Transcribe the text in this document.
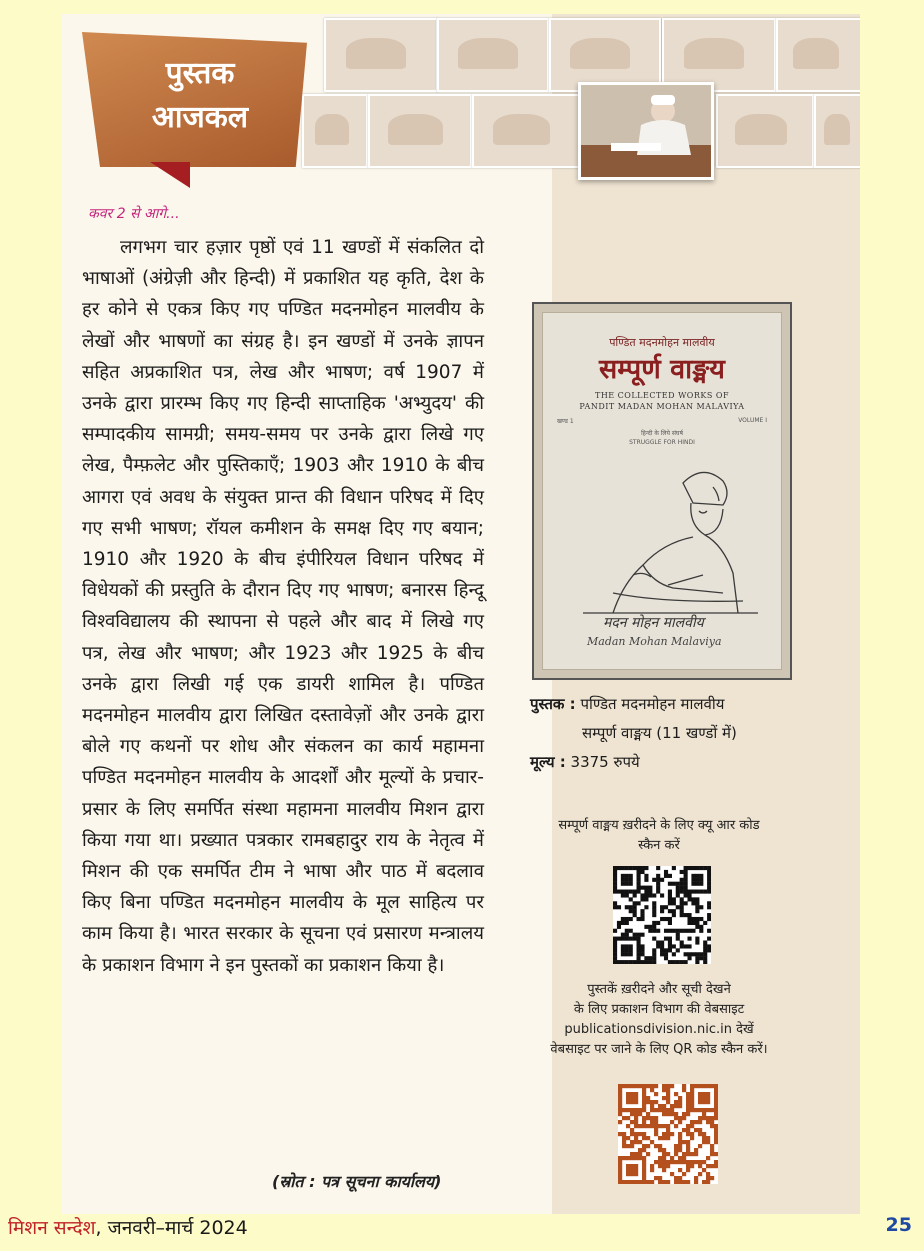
पुस्तक
आजकल

कवर 2 से आगे...

लगभग चार हज़ार पृष्ठों एवं 11 खण्डों में संकलित दो भाषाओं (अंग्रेज़ी और हिन्दी) में प्रकाशित यह कृति, देश के हर कोने से एकत्र किए गए पण्डित मदनमोहन मालवीय के लेखों और भाषणों का संग्रह है। इन खण्डों में उनके ज्ञापन सहित अप्रकाशित पत्र, लेख और भाषण; वर्ष 1907 में उनके द्वारा प्रारम्भ किए गए हिन्दी साप्ताहिक 'अभ्युदय' की सम्पादकीय सामग्री; समय-समय पर उनके द्वारा लिखे गए लेख, पैम्फ़लेट और पुस्तिकाएँ; 1903 और 1910 के बीच आगरा एवं अवध के संयुक्त प्रान्त की विधान परिषद में दिए गए सभी भाषण; रॉयल कमीशन के समक्ष दिए गए बयान; 1910 और 1920 के बीच इंपीरियल विधान परिषद में विधेयकों की प्रस्तुति के दौरान दिए गए भाषण; बनारस हिन्दू विश्वविद्यालय की स्थापना से पहले और बाद में लिखे गए पत्र, लेख और भाषण; और 1923 और 1925 के बीच उनके द्वारा लिखी गई एक डायरी शामिल है। पण्डित मदनमोहन मालवीय द्वारा लिखित दस्तावेज़ों और उनके द्वारा बोले गए कथनों पर शोध और संकलन का कार्य महामना पण्डित मदनमोहन मालवीय के आदर्शों और मूल्यों के प्रचार-प्रसार के लिए समर्पित संस्था महामना मालवीय मिशन द्वारा किया गया था। प्रख्यात पत्रकार रामबहादुर राय के नेतृत्व में मिशन की एक समर्पित टीम ने भाषा और पाठ में बदलाव किए बिना पण्डित मदनमोहन मालवीय के मूल साहित्य पर काम किया है। भारत सरकार के सूचना एवं प्रसारण मन्त्रालय के प्रकाशन विभाग ने इन पुस्तकों का प्रकाशन किया है।

(स्रोत : पत्र सूचना कार्यालय)

पण्डित मदनमोहन मालवीय
सम्पूर्ण वाङ्मय
THE COLLECTED WORKS OF
PANDIT MADAN MOHAN MALAVIYA
खण्ड 1	VOLUME I
हिन्दी के लिये संघर्ष
STRUGGLE FOR HINDI
मदन मोहन मालवीय
Madan Mohan Malaviya

पुस्तक : पण्डित मदनमोहन मालवीय

सम्पूर्ण वाङ्मय (11 खण्डों में)

मूल्य : 3375 रुपये

सम्पूर्ण वाङ्मय ख़रीदने के लिए क्यू आर कोड
स्कैन करें

पुस्तकें ख़रीदने और सूची देखने
के लिए प्रकाशन विभाग की वेबसाइट
publicationsdivision.nic.in देखें
वेबसाइट पर जाने के लिए QR कोड स्कैन करें।

मिशन सन्देश, जनवरी–मार्च 2024	25
